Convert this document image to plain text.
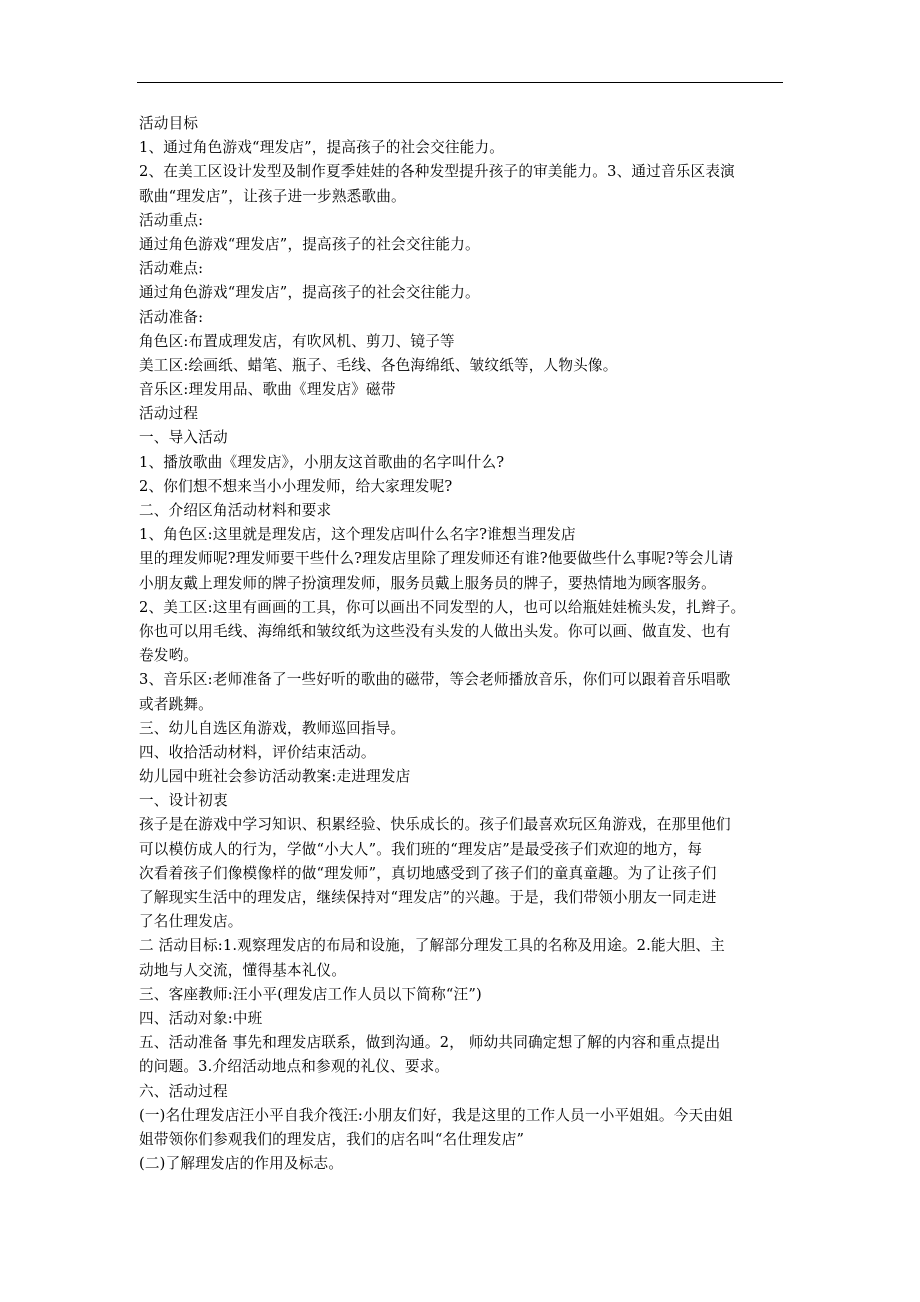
活动目标
1、通过角色游戏“理发店”，提高孩子的社会交往能力。
2、在美工区设计发型及制作夏季娃娃的各种发型提升孩子的审美能力。3、通过音乐区表演
歌曲“理发店”，让孩子进一步熟悉歌曲。
活动重点:
通过角色游戏“理发店”，提高孩子的社会交往能力。
活动难点:
通过角色游戏“理发店”，提高孩子的社会交往能力。
活动准备:
角色区:布置成理发店，有吹风机、剪刀、镜子等
美工区:绘画纸、蜡笔、瓶子、毛线、各色海绵纸、皱纹纸等，人物头像。
音乐区:理发用品、歌曲《理发店》磁带
活动过程
一、导入活动
1、播放歌曲《理发店》，小朋友这首歌曲的名字叫什么?
2、你们想不想来当小小理发师，给大家理发呢?
二、介绍区角活动材料和要求
1、角色区:这里就是理发店，这个理发店叫什么名字?谁想当理发店
里的理发师呢?理发师要干些什么?理发店里除了理发师还有谁?他要做些什么事呢?等会儿请
小朋友戴上理发师的牌子扮演理发师，服务员戴上服务员的牌子，要热情地为顾客服务。
2、美工区:这里有画画的工具，你可以画出不同发型的人，也可以给瓶娃娃梳头发，扎辫子。
你也可以用毛线、海绵纸和皱纹纸为这些没有头发的人做出头发。你可以画、做直发、也有
卷发哟。
3、音乐区:老师准备了一些好听的歌曲的磁带，等会老师播放音乐，你们可以跟着音乐唱歌
或者跳舞。
三、幼儿自选区角游戏，教师巡回指导。
四、收拾活动材料，评价结束活动。
幼儿园中班社会参访活动教案:走进理发店
一、设计初衷
孩子是在游戏中学习知识、积累经验、快乐成长的。孩子们最喜欢玩区角游戏，在那里他们
可以模仿成人的行为，学做“小大人”。我们班的“理发店”是最受孩子们欢迎的地方，每
次看着孩子们像模像样的做“理发师”，真切地感受到了孩子们的童真童趣。为了让孩子们
了解现实生活中的理发店，继续保持对“理发店”的兴趣。于是，我们带领小朋友一同走进
了名仕理发店。
二 活动目标:1.观察理发店的布局和设施，了解部分理发工具的名称及用途。2.能大胆、主
动地与人交流，懂得基本礼仪。
三、客座教师:汪小平(理发店工作人员以下简称“汪”)
四、活动对象:中班
五、活动准备 事先和理发店联系，做到沟通。2， 师幼共同确定想了解的内容和重点提出
的问题。3.介绍活动地点和参观的礼仪、要求。
六、活动过程
(一)名仕理发店汪小平自我介筏汪:小朋友们好，我是这里的工作人员一小平姐姐。今天由姐
姐带领你们参观我们的理发店，我们的店名叫“名仕理发店”
(二)了解理发店的作用及标志。
